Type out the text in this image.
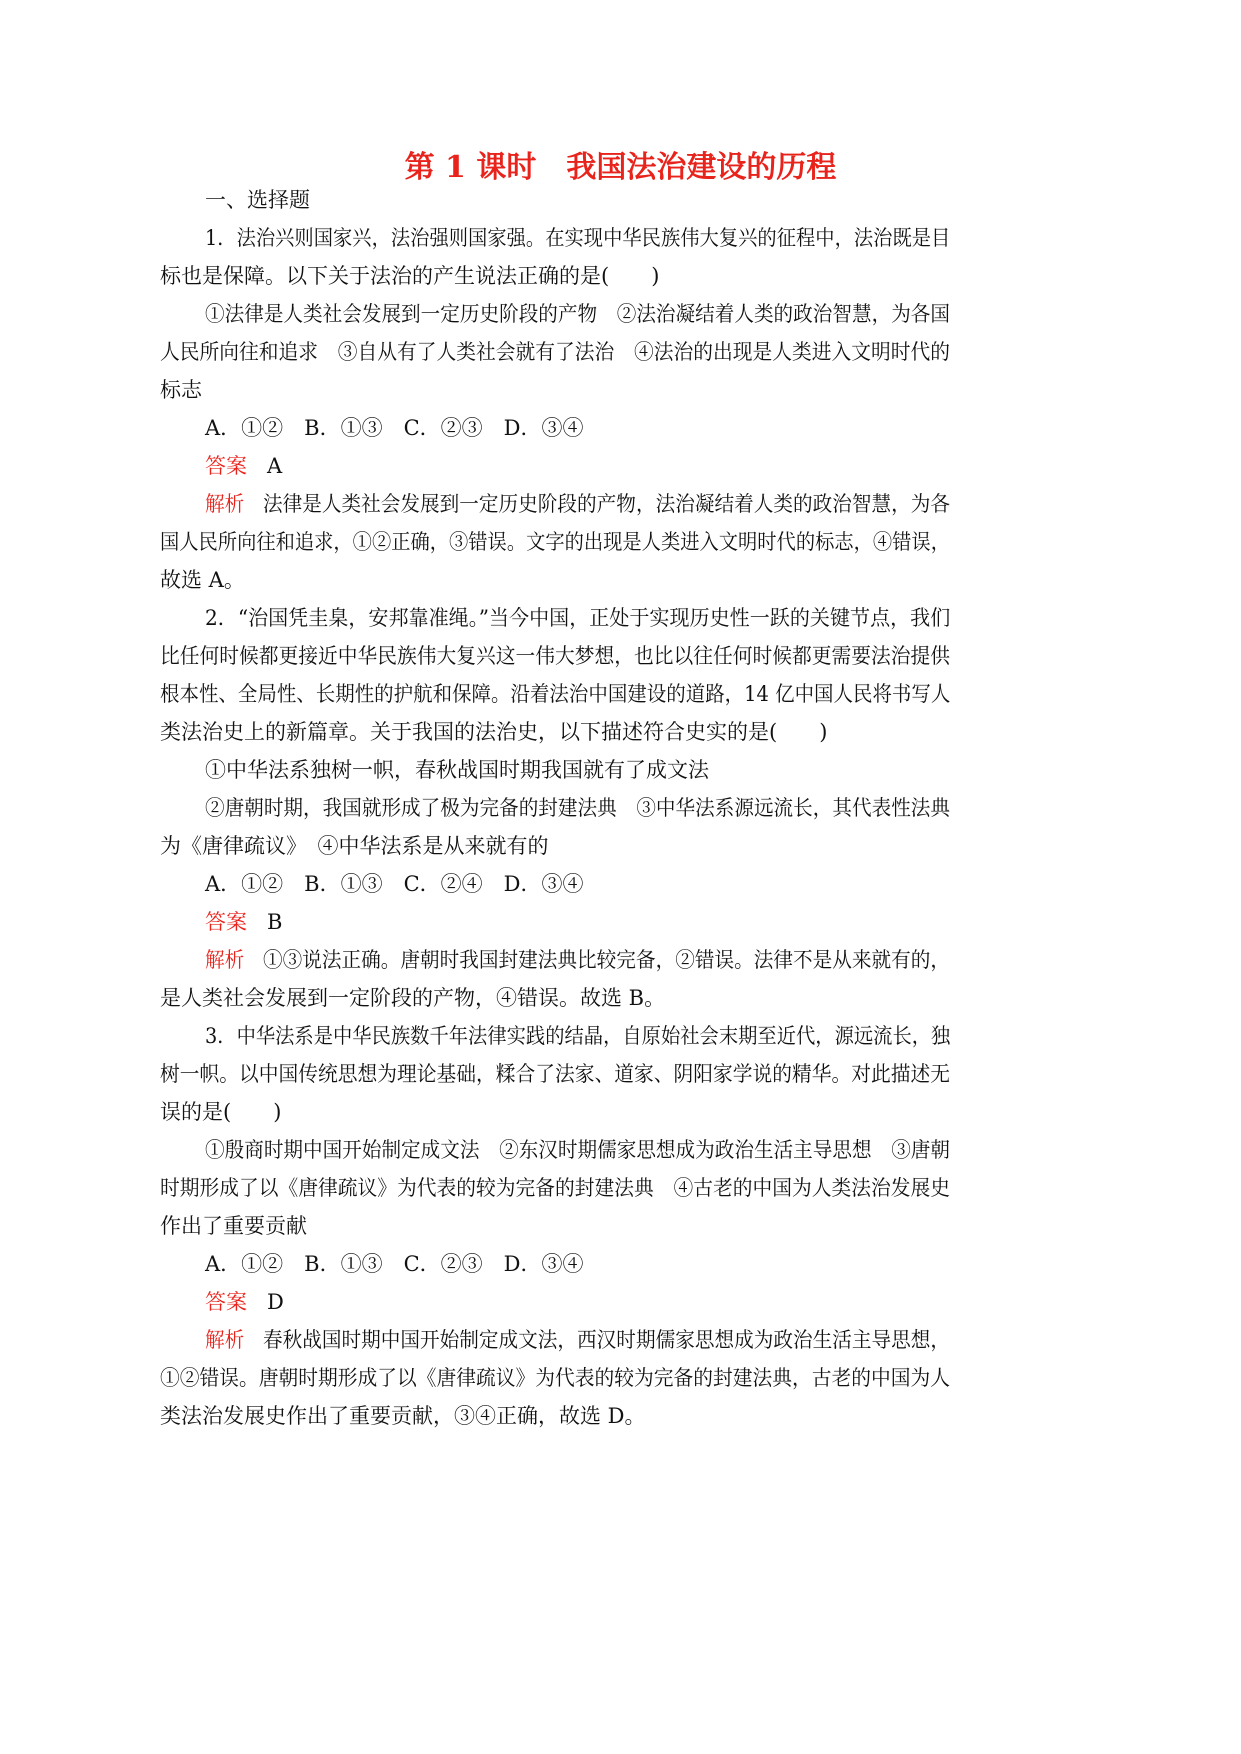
第 1 课时　我国法治建设的历程
一、选择题
1．法治兴则国家兴，法治强则国家强。在实现中华民族伟大复兴的征程中，法治既是目
标也是保障。以下关于法治的产生说法正确的是(　　)
①法律是人类社会发展到一定历史阶段的产物　②法治凝结着人类的政治智慧，为各国
人民所向往和追求　③自从有了人类社会就有了法治　④法治的出现是人类进入文明时代的
标志
A．①②　B．①③　C．②③　D．③④
答案 A
解析 法律是人类社会发展到一定历史阶段的产物，法治凝结着人类的政治智慧，为各
国人民所向往和追求，①②正确，③错误。文字的出现是人类进入文明时代的标志，④错误，
故选 A。
2．“治国凭圭臬，安邦靠准绳。”当今中国，正处于实现历史性一跃的关键节点，我们
比任何时候都更接近中华民族伟大复兴这一伟大梦想，也比以往任何时候都更需要法治提供
根本性、全局性、长期性的护航和保障。沿着法治中国建设的道路，14 亿中国人民将书写人
类法治史上的新篇章。关于我国的法治史，以下描述符合史实的是(　　)
①中华法系独树一帜，春秋战国时期我国就有了成文法
②唐朝时期，我国就形成了极为完备的封建法典　③中华法系源远流长，其代表性法典
为《唐律疏议》　④中华法系是从来就有的
A．①②　B．①③　C．②④　D．③④
答案 B
解析 ①③说法正确。唐朝时我国封建法典比较完备，②错误。法律不是从来就有的，
是人类社会发展到一定阶段的产物，④错误。故选 B。
3．中华法系是中华民族数千年法律实践的结晶，自原始社会末期至近代，源远流长，独
树一帜。以中国传统思想为理论基础，糅合了法家、道家、阴阳家学说的精华。对此描述无
误的是(　　)
①殷商时期中国开始制定成文法　②东汉时期儒家思想成为政治生活主导思想　③唐朝
时期形成了以《唐律疏议》为代表的较为完备的封建法典　④古老的中国为人类法治发展史
作出了重要贡献
A．①②　B．①③　C．②③　D．③④
答案 D
解析 春秋战国时期中国开始制定成文法，西汉时期儒家思想成为政治生活主导思想，
①②错误。唐朝时期形成了以《唐律疏议》为代表的较为完备的封建法典，古老的中国为人
类法治发展史作出了重要贡献，③④正确，故选 D。
